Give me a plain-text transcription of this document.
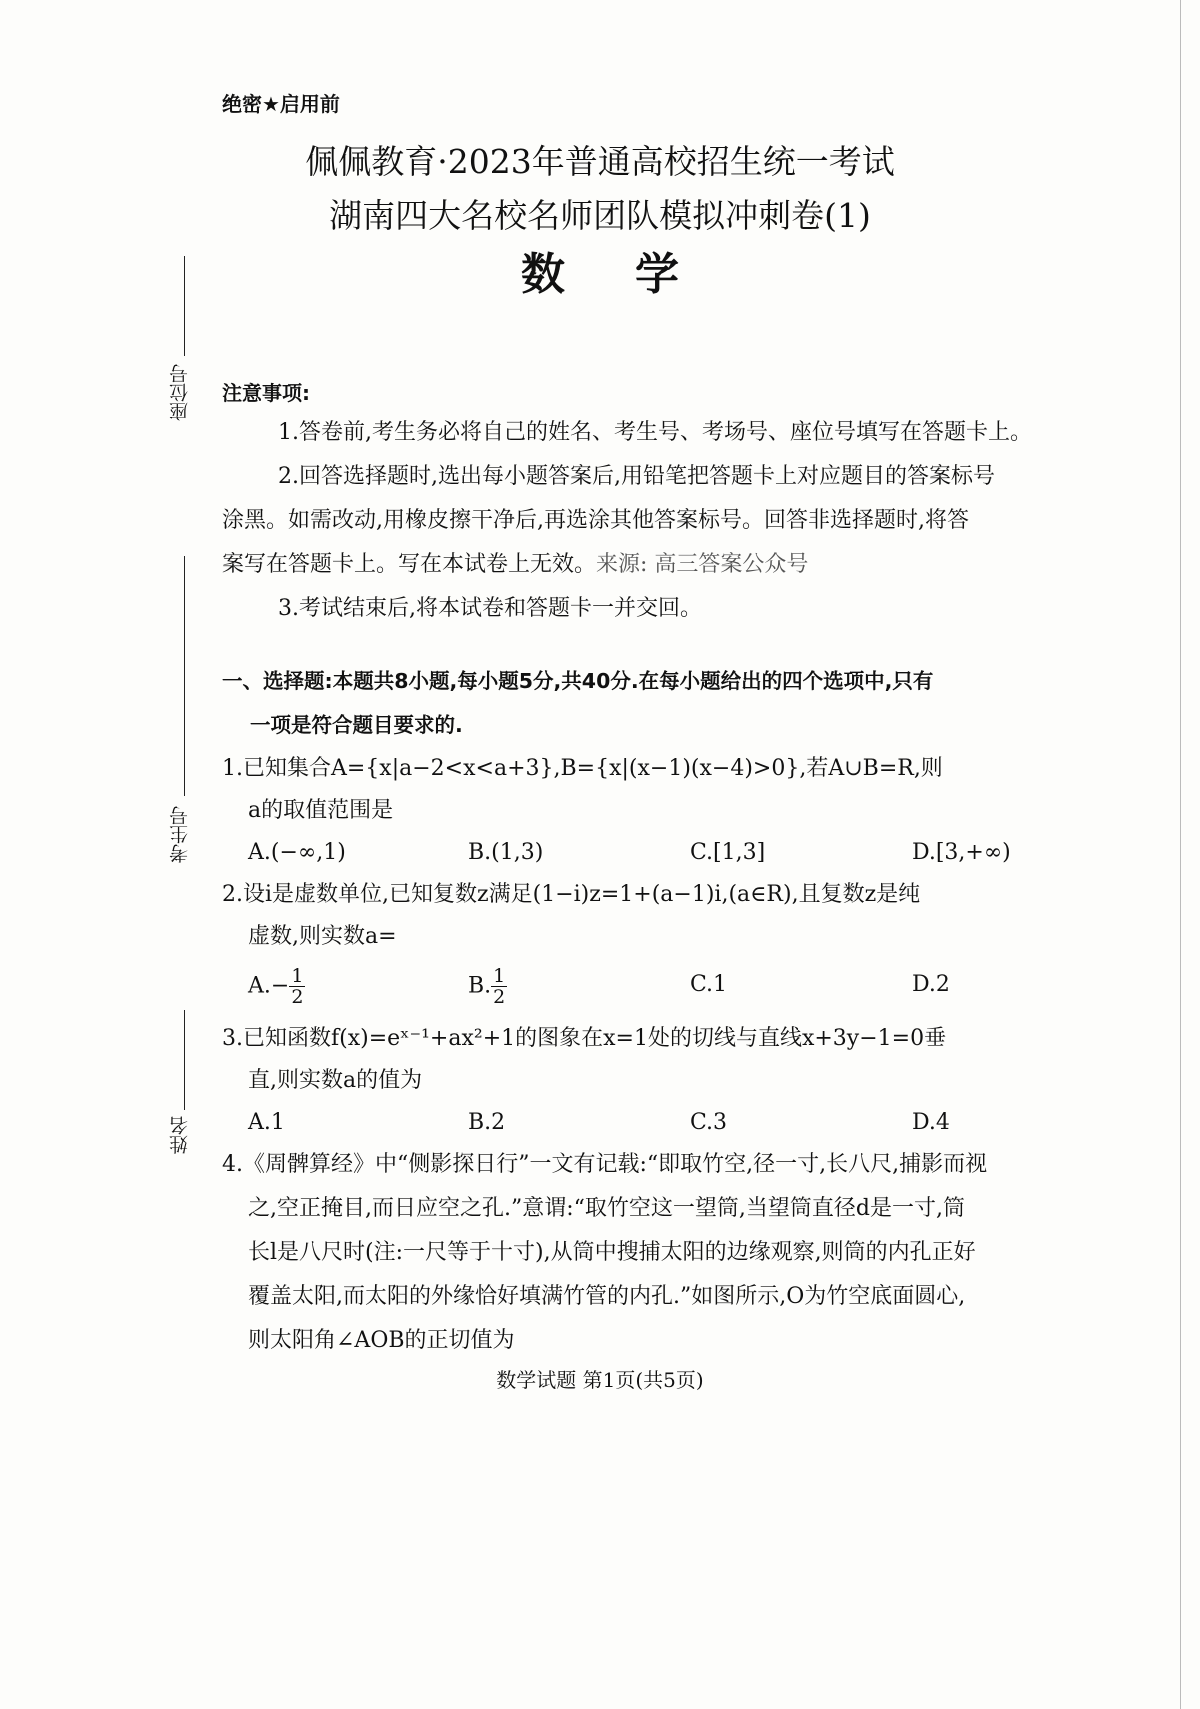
座位号
考生号
姓名
绝密★启用前
佩佩教育·2023年普通高校招生统一考试
湖南四大名校名师团队模拟冲刺卷(1)
数学
注意事项:
1.答卷前,考生务必将自己的姓名、考生号、考场号、座位号填写在答题卡上。
2.回答选择题时,选出每小题答案后,用铅笔把答题卡上对应题目的答案标号
涂黑。如需改动,用橡皮擦干净后,再选涂其他答案标号。回答非选择题时,将答
案写在答题卡上。写在本试卷上无效。来源: 高三答案公众号
3.考试结束后,将本试卷和答题卡一并交回。
一、选择题:本题共8小题,每小题5分,共40分.在每小题给出的四个选项中,只有
一项是符合题目要求的.
1.已知集合A={x|a−2<x<a+3},B={x|(x−1)(x−4)>0},若A∪B=R,则
a的取值范围是
A.(−∞,1)	B.(1,3)	C.[1,3]	D.[3,+∞)
2.设i是虚数单位,已知复数z满足(1−i)z=1+(a−1)i,(a∈R),且复数z是纯
虚数,则实数a=
$A.- \frac{1}{2}$	B. $\frac{1}{2}$	C.1	D.2
3.已知函数f(x)=eˣ⁻¹+ax²+1的图象在x=1处的切线与直线x+3y−1=0垂
直,则实数a的值为
A.1	B.2	C.3	D.4
4.《周髀算经》中“侧影探日行”一文有记载:“即取竹空,径一寸,长八尺,捕影而视
之,空正掩目,而日应空之孔.”意谓:“取竹空这一望筒,当望筒直径d是一寸,筒
长l是八尺时(注:一尺等于十寸),从筒中搜捕太阳的边缘观察,则筒的内孔正好
覆盖太阳,而太阳的外缘恰好填满竹管的内孔.”如图所示,O为竹空底面圆心,
则太阳角∠AOB的正切值为
数学试题 第1页(共5页)
